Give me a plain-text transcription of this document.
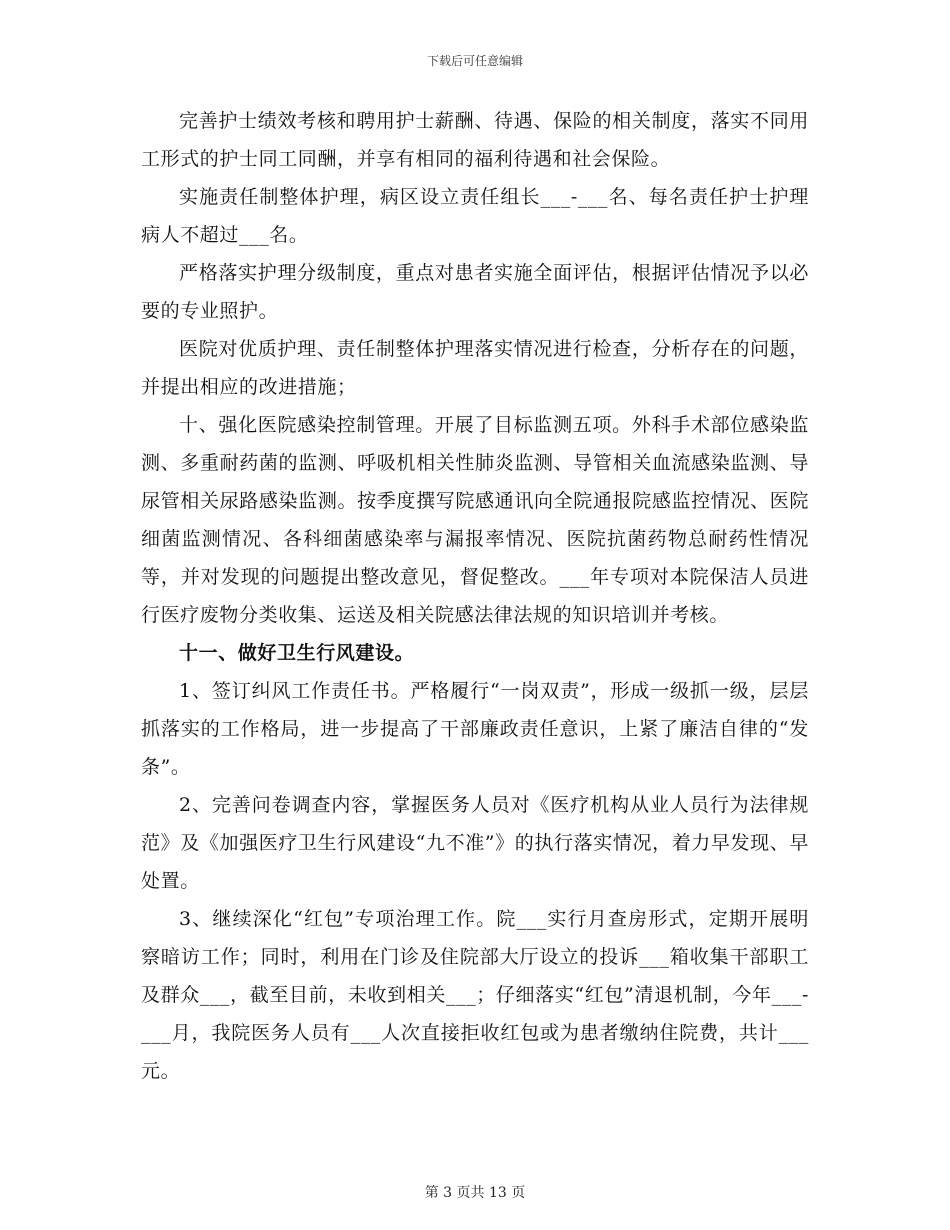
下载后可任意编辑

完善护士绩效考核和聘用护士薪酬、待遇、保险的相关制度，落实不同用工形式的护士同工同酬，并享有相同的福利待遇和社会保险。

实施责任制整体护理，病区设立责任组长___-___名、每名责任护士护理病人不超过___名。

严格落实护理分级制度，重点对患者实施全面评估，根据评估情况予以必要的专业照护。

医院对优质护理、责任制整体护理落实情况进行检查，分析存在的问题，并提出相应的改进措施；

十、强化医院感染控制管理。开展了目标监测五项。外科手术部位感染监测、多重耐药菌的监测、呼吸机相关性肺炎监测、导管相关血流感染监测、导尿管相关尿路感染监测。按季度撰写院感通讯向全院通报院感监控情况、医院细菌监测情况、各科细菌感染率与漏报率情况、医院抗菌药物总耐药性情况等，并对发现的问题提出整改意见，督促整改。___年专项对本院保洁人员进行医疗废物分类收集、运送及相关院感法律法规的知识培训并考核。

十一、做好卫生行风建设。

1、签订纠风工作责任书。严格履行“一岗双责”，形成一级抓一级，层层抓落实的工作格局，进一步提高了干部廉政责任意识，上紧了廉洁自律的“发条”。

2、完善问卷调查内容，掌握医务人员对《医疗机构从业人员行为法律规范》及《加强医疗卫生行风建设“九不准”》的执行落实情况，着力早发现、早处置。

3、继续深化“红包”专项治理工作。院___实行月查房形式，定期开展明察暗访工作；同时，利用在门诊及住院部大厅设立的投诉___箱收集干部职工及群众___，截至目前，未收到相关___；仔细落实“红包”清退机制，今年___-___月，我院医务人员有___人次直接拒收红包或为患者缴纳住院费，共计___元。

第 3 页共 13 页
